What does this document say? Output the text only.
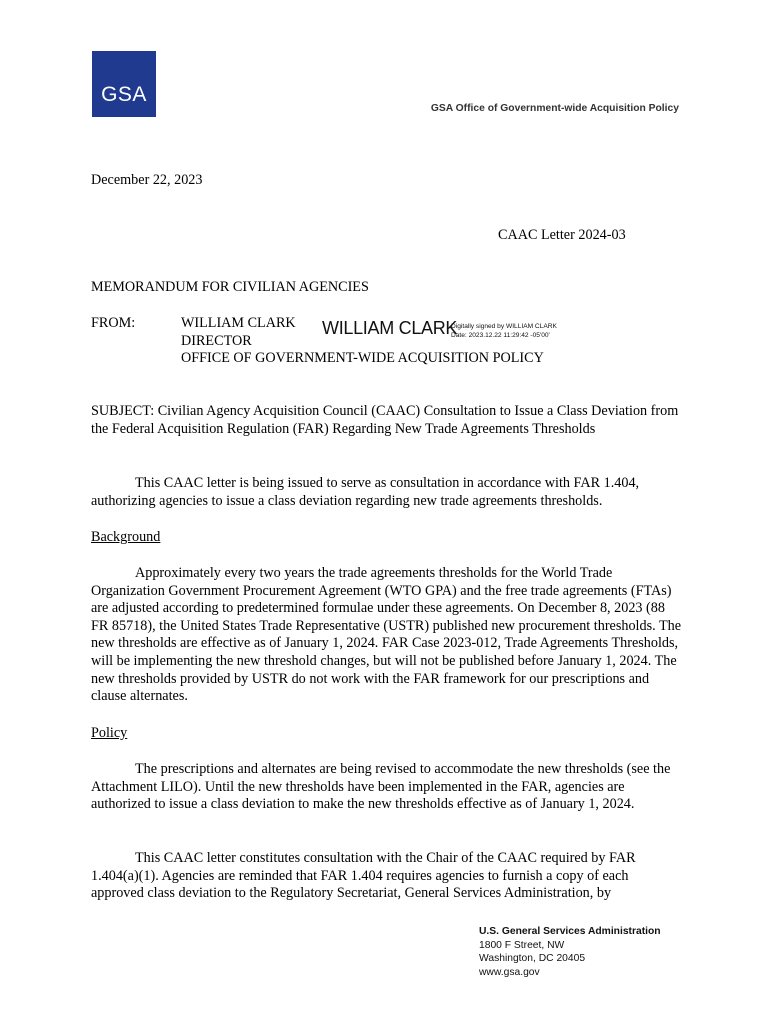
GSA
GSA Office of Government-wide Acquisition Policy
December 22, 2023
CAAC Letter 2024-03
MEMORANDUM FOR CIVILIAN AGENCIES
FROM:	WILLIAM CLARK
DIRECTOR
OFFICE OF GOVERNMENT-WIDE ACQUISITION POLICY
WILLIAM CLARK
Digitally signed by WILLIAM CLARK
Date: 2023.12.22 11:29:42 -05'00'
SUBJECT: Civilian Agency Acquisition Council (CAAC) Consultation to Issue a Class Deviation from the Federal Acquisition Regulation (FAR) Regarding New Trade Agreements Thresholds
This CAAC letter is being issued to serve as consultation in accordance with FAR 1.404, authorizing agencies to issue a class deviation regarding new trade agreements thresholds.
Background
Approximately every two years the trade agreements thresholds for the World Trade Organization Government Procurement Agreement (WTO GPA) and the free trade agreements (FTAs) are adjusted according to predetermined formulae under these agreements. On December 8, 2023 (88 FR 85718), the United States Trade Representative (USTR) published new procurement thresholds. The new thresholds are effective as of January 1, 2024. FAR Case 2023-012, Trade Agreements Thresholds, will be implementing the new threshold changes, but will not be published before January 1, 2024. The new thresholds provided by USTR do not work with the FAR framework for our prescriptions and clause alternates.
Policy
The prescriptions and alternates are being revised to accommodate the new thresholds (see the Attachment LILO). Until the new thresholds have been implemented in the FAR, agencies are authorized to issue a class deviation to make the new thresholds effective as of January 1, 2024.
This CAAC letter constitutes consultation with the Chair of the CAAC required by FAR 1.404(a)(1). Agencies are reminded that FAR 1.404 requires agencies to furnish a copy of each approved class deviation to the Regulatory Secretariat, General Services Administration, by
U.S. General Services Administration
1800 F Street, NW
Washington, DC 20405
www.gsa.gov
